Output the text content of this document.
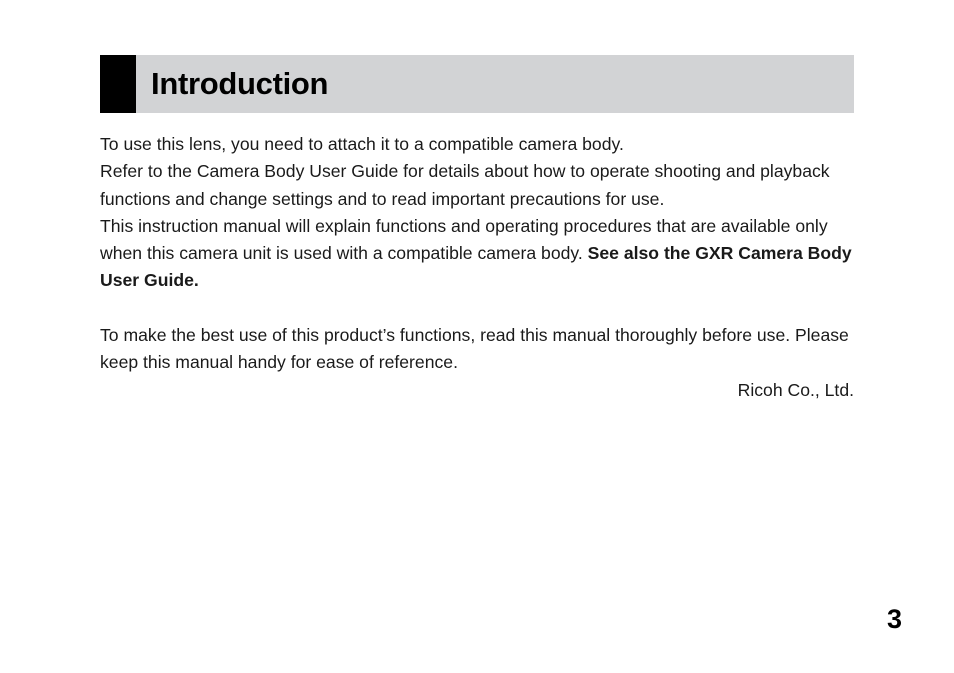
Introduction

To use this lens, you need to attach it to a compatible camera body.

Refer to the Camera Body User Guide for details about how to operate shooting and playback functions and change settings and to read important precautions for use.

This instruction manual will explain functions and operating procedures that are available only when this camera unit is used with a compatible camera body. See also the GXR Camera Body User Guide.

To make the best use of this product’s functions, read this manual thoroughly before use. Please keep this manual handy for ease of reference.

Ricoh Co., Ltd.

3
